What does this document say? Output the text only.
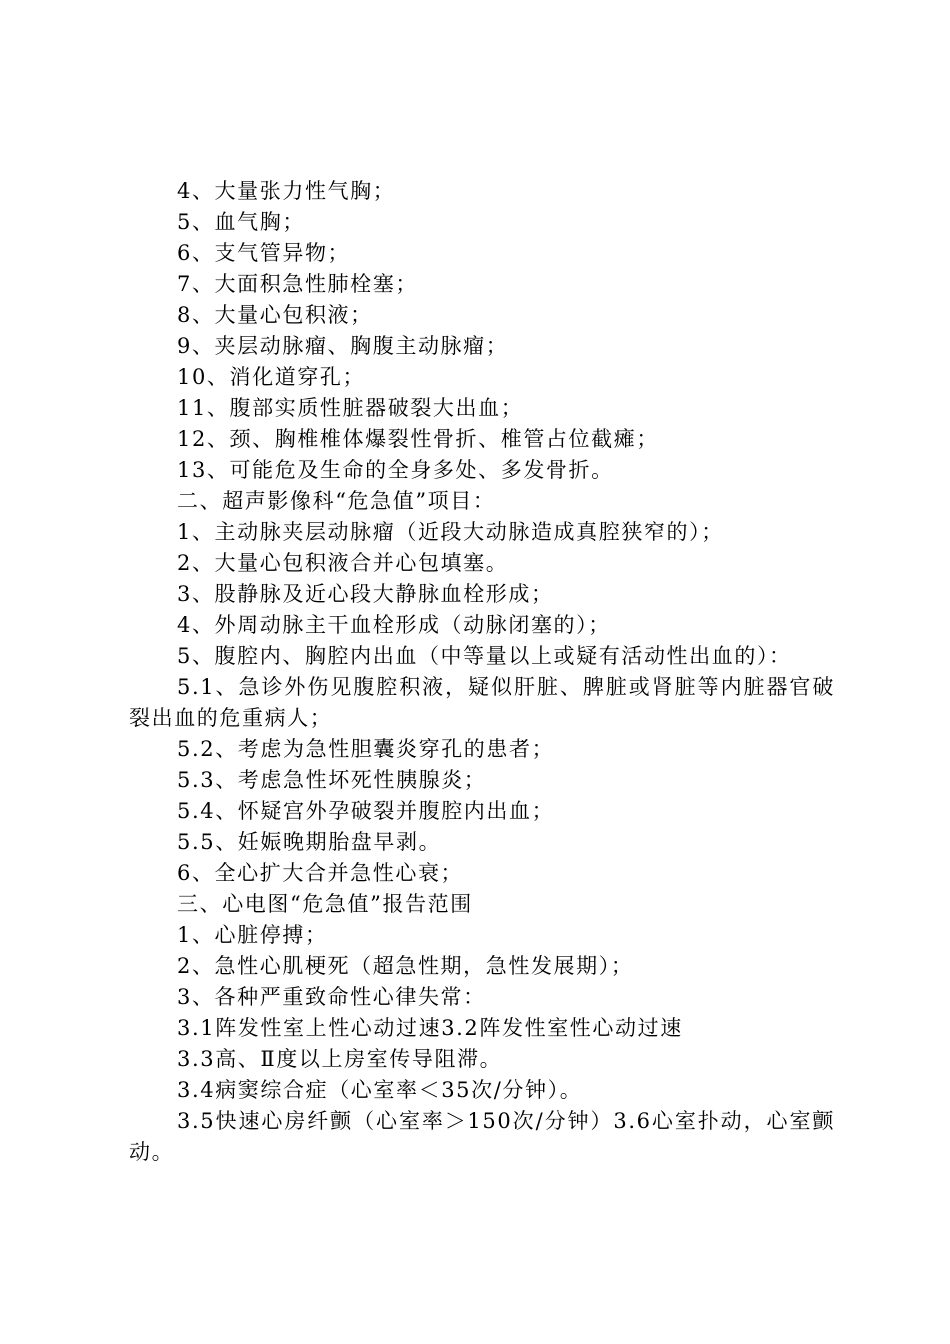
4、大量张力性气胸；

5、血气胸；

6、支气管异物；

7、大面积急性肺栓塞；

8、大量心包积液；

9、夹层动脉瘤、胸腹主动脉瘤；

10、消化道穿孔；

11、腹部实质性脏器破裂大出血；

12、颈、胸椎椎体爆裂性骨折、椎管占位截瘫；

13、可能危及生命的全身多处、多发骨折。

二、超声影像科“危急值”项目：

1、主动脉夹层动脉瘤（近段大动脉造成真腔狭窄的）；

2、大量心包积液合并心包填塞。

3、股静脉及近心段大静脉血栓形成；

4、外周动脉主干血栓形成（动脉闭塞的）；

5、腹腔内、胸腔内出血（中等量以上或疑有活动性出血的）：

5.1、急诊外伤见腹腔积液，疑似肝脏、脾脏或肾脏等内脏器官破裂出血的危重病人；

5.2、考虑为急性胆囊炎穿孔的患者；

5.3、考虑急性坏死性胰腺炎；

5.4、怀疑宫外孕破裂并腹腔内出血；

5.5、妊娠晚期胎盘早剥。

6、全心扩大合并急性心衰；

三、心电图“危急值”报告范围

1、心脏停搏；

2、急性心肌梗死（超急性期，急性发展期）；

3、各种严重致命性心律失常：

3.1阵发性室上性心动过速3.2阵发性室性心动过速

3.3高、Ⅱ度以上房室传导阻滞。

3.4病窦综合症（心室率＜35次/分钟）。

3.5快速心房纤颤（心室率＞150次/分钟）3.6心室扑动，心室颤动。
